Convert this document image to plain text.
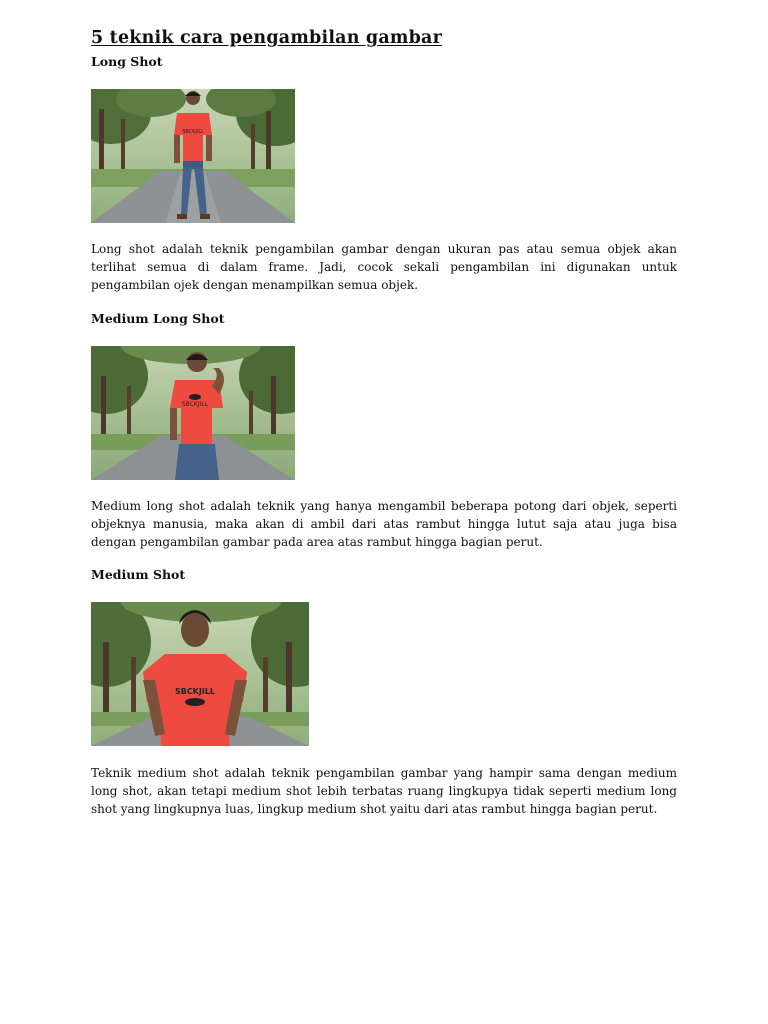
5 teknik cara pengambilan gambar
Long Shot
SBCKJILL

Long shot adalah teknik pengambilan gambar dengan ukuran pas atau semua objek akan terlihat semua di dalam frame. Jadi, cocok sekali pengambilan ini digunakan untuk pengambilan ojek dengan menampilkan semua objek.

Medium Long Shot
SBCKJILL

Medium long shot adalah teknik yang hanya mengambil beberapa potong dari objek, seperti objeknya manusia, maka akan di ambil dari atas rambut hingga lutut saja atau juga bisa dengan pengambilan gambar pada area atas rambut hingga bagian perut.

Medium Shot
SBCKJILL

Teknik medium shot adalah teknik pengambilan gambar yang hampir sama dengan medium long shot, akan tetapi medium shot lebih terbatas ruang lingkupya tidak seperti medium long shot yang lingkupnya luas, lingkup medium shot yaitu dari atas rambut hingga bagian perut.
